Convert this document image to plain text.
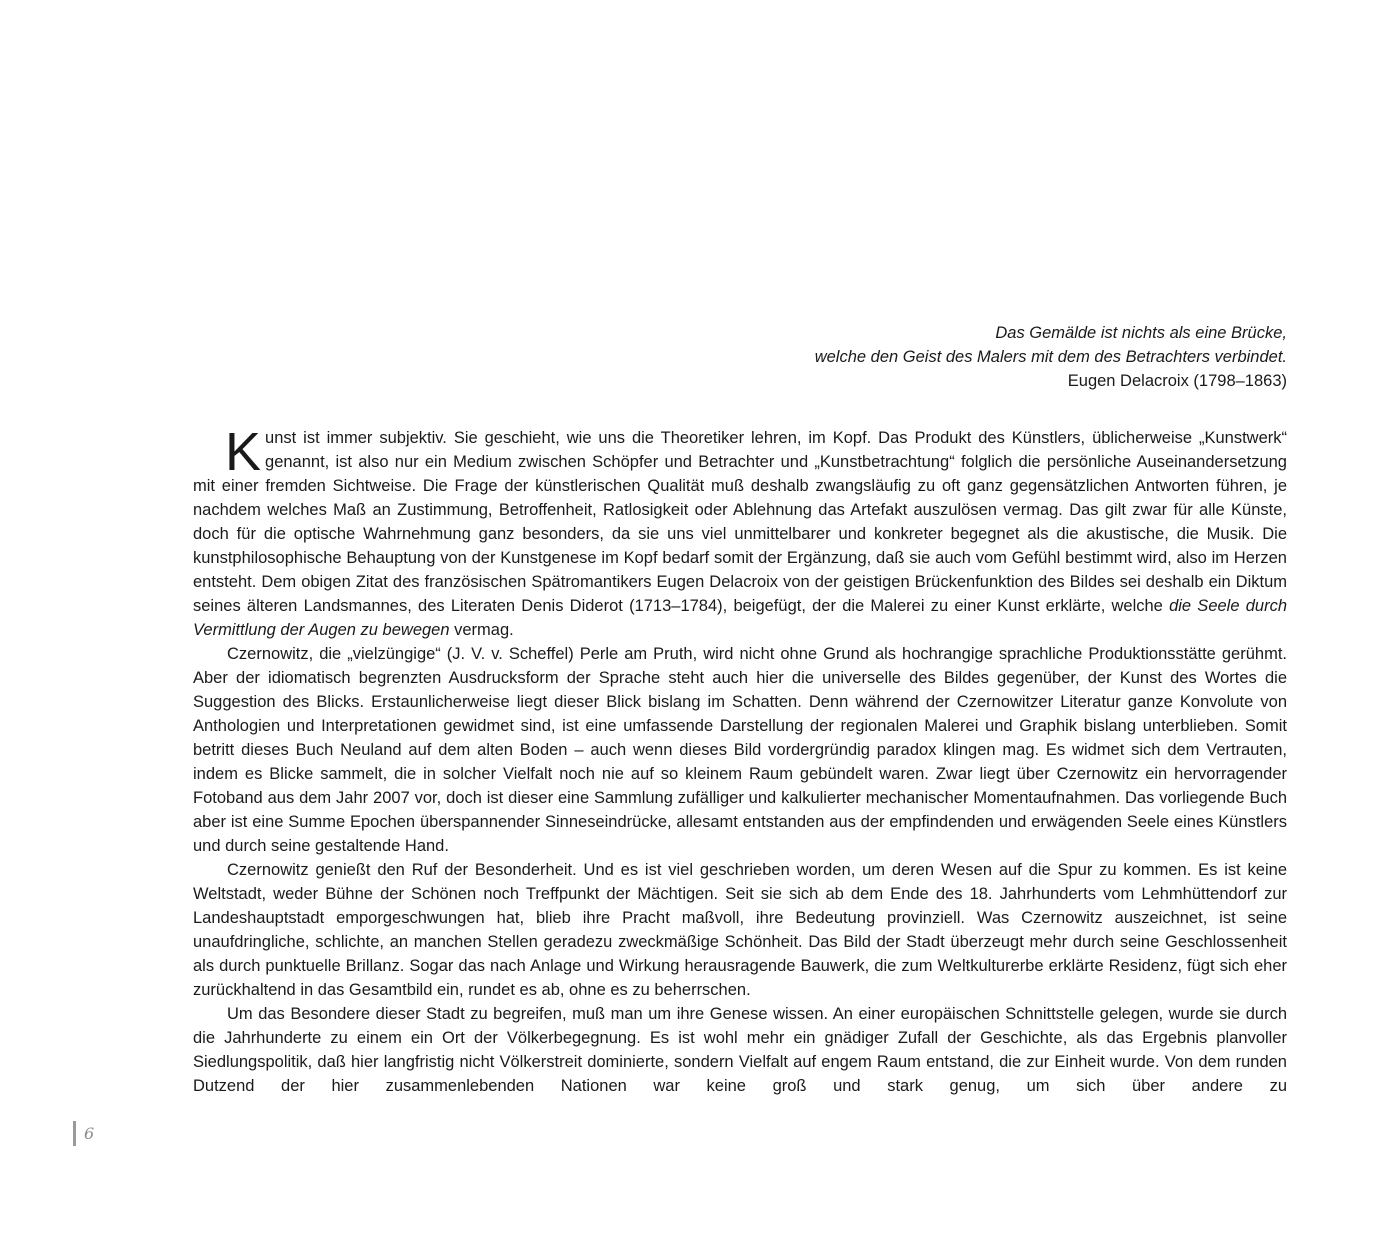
Das Gemälde ist nichts als eine Brücke,
welche den Geist des Malers mit dem des Betrachters verbindet.
Eugen Delacroix (1798–1863)

Kunst ist immer subjektiv. Sie geschieht, wie uns die Theoretiker lehren, im Kopf. Das Produkt des Künstlers, üblicherweise „Kunstwerk“ genannt, ist also nur ein Medium zwischen Schöpfer und Betrachter und „Kunstbetrachtung“ folglich die persönliche Auseinandersetzung mit einer fremden Sichtweise. Die Frage der künstlerischen Qualität muß deshalb zwangsläufig zu oft ganz gegensätzlichen Antworten führen, je nachdem welches Maß an Zustimmung, Betroffenheit, Ratlosigkeit oder Ablehnung das Artefakt auszulösen vermag. Das gilt zwar für alle Künste, doch für die optische Wahrnehmung ganz besonders, da sie uns viel unmittelbarer und konkreter begegnet als die akustische, die Musik. Die kunstphilosophische Behauptung von der Kunstgenese im Kopf bedarf somit der Ergänzung, daß sie auch vom Gefühl bestimmt wird, also im Herzen entsteht. Dem obigen Zitat des französischen Spätromantikers Eugen Delacroix von der geistigen Brückenfunktion des Bildes sei deshalb ein Diktum seines älteren Landsmannes, des Literaten Denis Diderot (1713–1784), beigefügt, der die Malerei zu einer Kunst erklärte, welche die Seele durch Vermittlung der Augen zu bewegen vermag.

Czernowitz, die „vielzüngige“ (J. V. v. Scheffel) Perle am Pruth, wird nicht ohne Grund als hochrangige sprachliche Produktionsstätte gerühmt. Aber der idiomatisch begrenzten Ausdrucksform der Sprache steht auch hier die universelle des Bildes gegenüber, der Kunst des Wortes die Suggestion des Blicks. Erstaunlicherweise liegt dieser Blick bislang im Schatten. Denn während der Czernowitzer Literatur ganze Konvolute von Anthologien und Interpretationen gewidmet sind, ist eine umfassende Darstellung der regionalen Malerei und Graphik bislang unterblieben. Somit betritt dieses Buch Neuland auf dem alten Boden – auch wenn dieses Bild vordergründig paradox klingen mag. Es widmet sich dem Vertrauten, indem es Blicke sammelt, die in solcher Vielfalt noch nie auf so kleinem Raum gebündelt waren. Zwar liegt über Czernowitz ein hervorragender Fotoband aus dem Jahr 2007 vor, doch ist dieser eine Sammlung zufälliger und kalkulierter mechanischer Momentaufnahmen. Das vorliegende Buch aber ist eine Summe Epochen überspannender Sinneseindrücke, allesamt entstanden aus der empfindenden und erwägenden Seele eines Künstlers und durch seine gestaltende Hand.

Czernowitz genießt den Ruf der Besonderheit. Und es ist viel geschrieben worden, um deren Wesen auf die Spur zu kommen. Es ist keine Weltstadt, weder Bühne der Schönen noch Treffpunkt der Mächtigen. Seit sie sich ab dem Ende des 18. Jahrhunderts vom Lehmhüttendorf zur Landeshauptstadt emporgeschwungen hat, blieb ihre Pracht maßvoll, ihre Bedeutung provinziell. Was Czernowitz auszeichnet, ist seine unaufdringliche, schlichte, an manchen Stellen geradezu zweckmäßige Schönheit. Das Bild der Stadt überzeugt mehr durch seine Geschlossenheit als durch punktuelle Brillanz. Sogar das nach Anlage und Wirkung herausragende Bauwerk, die zum Weltkulturerbe erklärte Residenz, fügt sich eher zurückhaltend in das Gesamtbild ein, rundet es ab, ohne es zu beherrschen.

Um das Besondere dieser Stadt zu begreifen, muß man um ihre Genese wissen. An einer europäischen Schnittstelle gelegen, wurde sie durch die Jahrhunderte zu einem ein Ort der Völkerbegegnung. Es ist wohl mehr ein gnädiger Zufall der Geschichte, als das Ergebnis planvoller Siedlungspolitik, daß hier langfristig nicht Völkerstreit dominierte, sondern Vielfalt auf engem Raum entstand, die zur Einheit wurde. Von dem runden Dutzend der hier zusammenlebenden Nationen war keine groß und stark genug, um sich über andere zu

6
